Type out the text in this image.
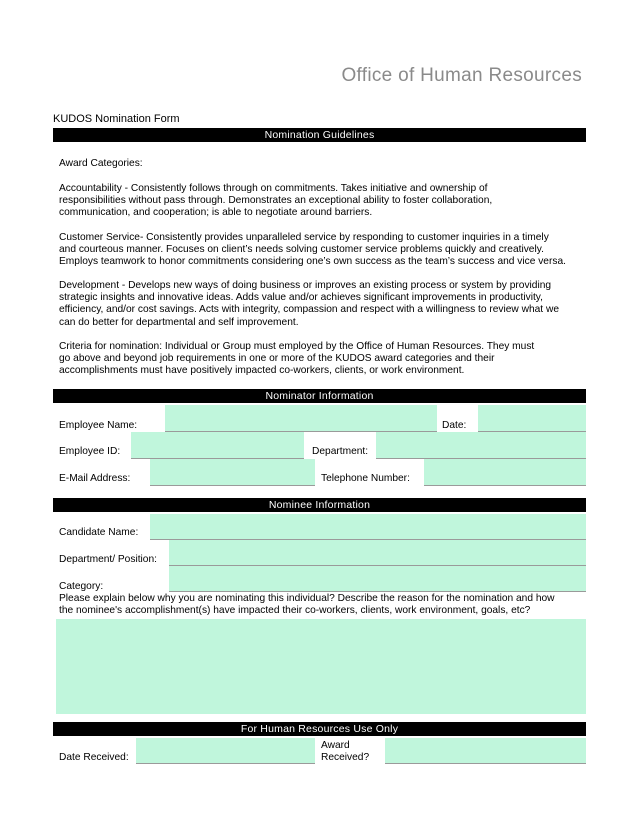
Office of Human Resources
KUDOS Nomination Form
Nomination Guidelines
Award Categories:
Accountability - Consistently follows through on commitments. Takes initiative and ownership of
responsibilities without pass through. Demonstrates an exceptional ability to foster collaboration,
communication, and cooperation; is able to negotiate around barriers.
Customer Service- Consistently provides unparalleled service by responding to customer inquiries in a timely
and courteous manner. Focuses on client’s needs solving customer service problems quickly and creatively.
Employs teamwork to honor commitments considering one’s own success as the team’s success and vice versa.
Development - Develops new ways of doing business or improves an existing process or system by providing
strategic insights and innovative ideas. Adds value and/or achieves significant improvements in productivity,
efficiency, and/or cost savings. Acts with integrity, compassion and respect with a willingness to review what we
can do better for departmental and self improvement.
Criteria for nomination: Individual or Group must employed by the Office of Human Resources. They must
go above and beyond job requirements in one or more of the KUDOS award categories and their
accomplishments must have positively impacted co-workers, clients, or work environment.
Nominator Information
Employee Name:	Date:
Employee ID:	Department:
E-Mail Address:	Telephone Number:
Nominee Information
Candidate Name:
Department/ Position:
Category:
Please explain below why you are nominating this individual? Describe the reason for the nomination and how
the nominee's accomplishment(s) have impacted their co-workers, clients, work environment, goals, etc?
For Human Resources Use Only
Date Received:
Award
Received?
